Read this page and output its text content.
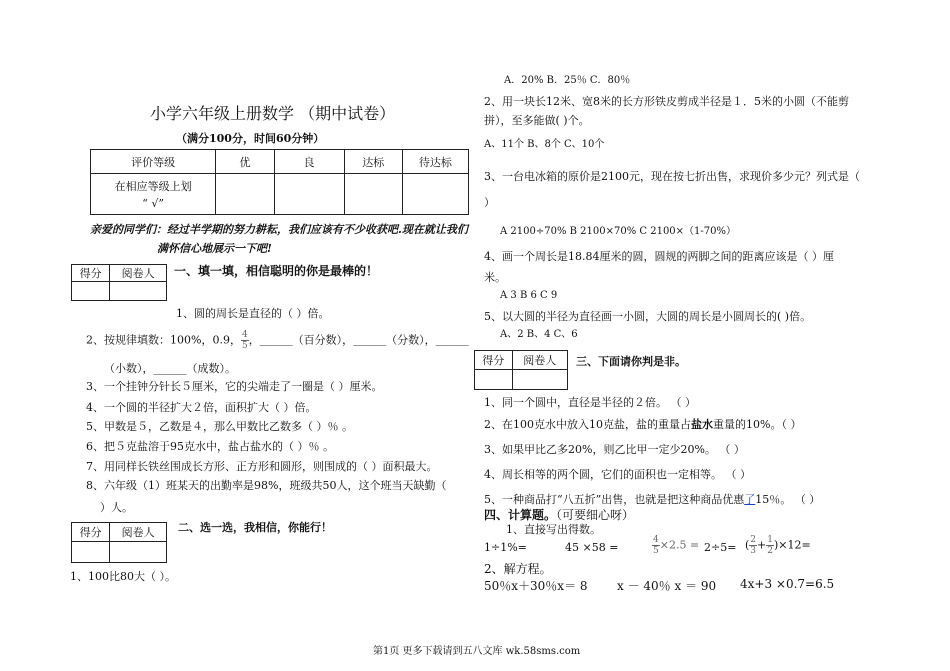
小学六年级上册数学 （期中试卷）
（满分100分，时间60分钟）
评价等级	优	良	达标	待达标

在相应等级上划
“ √”				

亲爱的同学们：经过半学期的努力耕耘，我们应该有不少收获吧.现在就让我们
满怀信心地展示一下吧!
得分	阅卷人
	一、填一填，相信聪明的你是最棒的！
1、圆的周长是直径的（ ）倍。
2、按规律填数：100%，0.9， $\frac{4}{5}$ ，______（百分数），______（分数），______
（小数），______（成数）。
3、一个挂钟分针长５厘米，它的尖端走了一圈是（ ）厘米。
4、一个圆的半径扩大２倍，面积扩大（ ）倍。
5、甲数是５，乙数是４，那么甲数比乙数多（ ）％ 。
6、把５克盐溶于95克水中，盐占盐水的（ ）％ 。
7、用同样长铁丝围成长方形、正方形和圆形，则围成的（ ）面积最大。
8、六年级（1）班某天的出勤率是98%，班级共50人，这个班当天缺勤（
）人。
得分	阅卷人
	二、选一选，我相信，你能行！
1、100比80大（ ）。
A．20% B．25％ C．80％
2、用一块长12米、宽8米的长方形铁皮剪成半径是１．5米的小圆（不能剪
拼），至多能做( )个。
A、11个 B、8个 C、10个
3、一台电冰箱的原价是2100元，现在按七折出售，求现价多少元？列式是（
）
A 2100÷70% B 2100×70% C 2100×（1-70%）
4、画一个周长是18.84厘米的圆，圆规的两脚之间的距离应该是（ ）厘
米。
A 3 B 6 C 9
5、以大圆的半径为直径画一小圆，大圆的周长是小圆周长的( )倍。
A、2 B、4 C、6
得分	阅卷人
	三、下面请你判是非。
1、同一个圆中，直径是半径的２倍。 （ ）
2、在100克水中放入10克盐，盐的重量占盐水重量的10%。（ ）
3、如果甲比乙多20%，则乙比甲一定少20%。 （ ）
4、周长相等的两个圆，它们的面积也一定相等。 （ ）
5、一种商品打“八五折”出售，也就是把这种商品优惠了15％。 （ ）
四、计算题。（可要细心呀）
1、直接写出得数。
1÷1%=	45 ×58 =	$\frac{4}{5} \times 2.5 = 2\div 5=$ ( $\frac{2}{3} + \frac{1}{2} )\times 12=$
2、解方程。
50％x＋30％x＝ 8 x － 40％ x ＝ 90 4x+3 ×0.7=6.5
第1页 更多下载请到五八文库 wk.58sms.com
